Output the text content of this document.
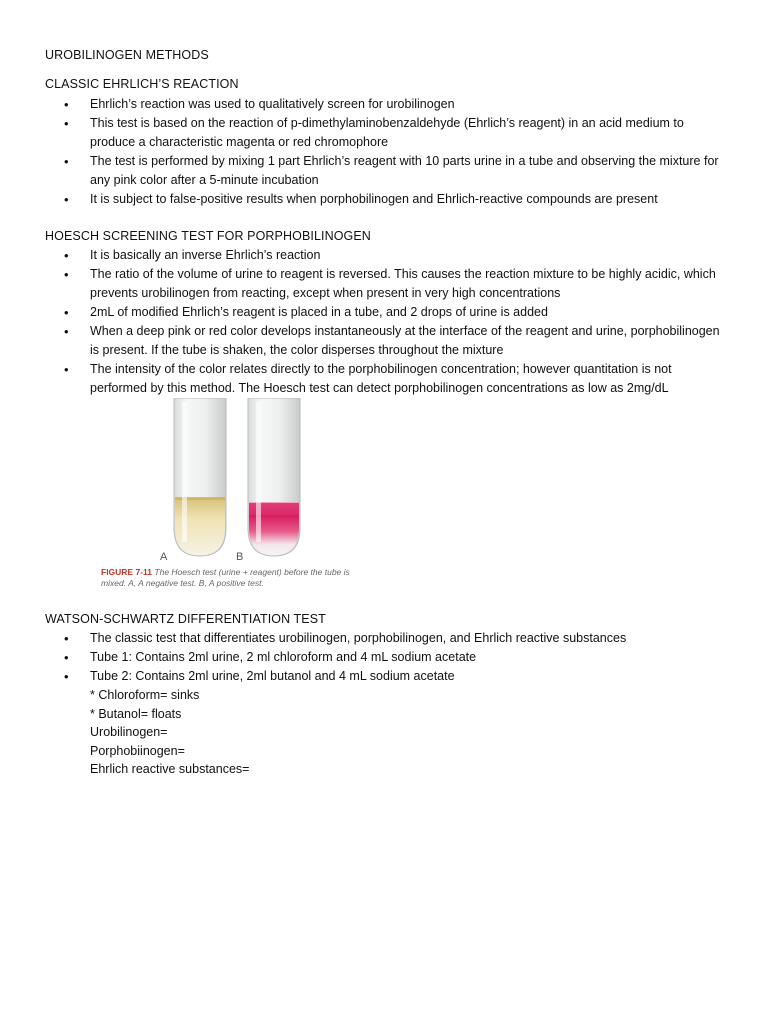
UROBILINOGEN METHODS
CLASSIC EHRLICH’S REACTION
• Ehrlich’s reaction was used to qualitatively screen for urobilinogen
• This test is based on the reaction of p-dimethylaminobenzaldehyde (Ehrlich’s reagent) in an acid medium to produce a characteristic magenta or red chromophore
• The test is performed by mixing 1 part Ehrlich’s reagent with 10 parts urine in a tube and observing the mixture for any pink color after a 5-minute incubation
• It is subject to false-positive results when porphobilinogen and Ehrlich-reactive compounds are present
HOESCH SCREENING TEST FOR PORPHOBILINOGEN
• It is basically an inverse Ehrlich’s reaction
• The ratio of the volume of urine to reagent is reversed. This causes the reaction mixture to be highly acidic, which prevents urobilinogen from reacting, except when present in very high concentrations
• 2mL of modified Ehrlich’s reagent is placed in a tube, and 2 drops of urine is added
• When a deep pink or red color develops instantaneously at the interface of the reagent and urine, porphobilinogen is present. If the tube is shaken, the color disperses throughout the mixture
• The intensity of the color relates directly to the porphobilinogen concentration; however quantitation is not performed by this method. The Hoesch test can detect porphobilinogen concentrations as low as 2mg/dL
A	B
FIGURE 7-11 The Hoesch test (urine + reagent) before the tube is mixed. A, A negative test. B, A positive test.
WATSON-SCHWARTZ DIFFERENTIATION TEST
• The classic test that differentiates urobilinogen, porphobilinogen, and Ehrlich reactive substances
• Tube 1: Contains 2ml urine, 2 ml chloroform and 4 mL sodium acetate
• Tube 2: Contains 2ml urine, 2ml butanol and 4 mL sodium acetate
* Chloroform= sinks
* Butanol= floats
Urobilinogen=
Porphobiinogen=
Ehrlich reactive substances=
